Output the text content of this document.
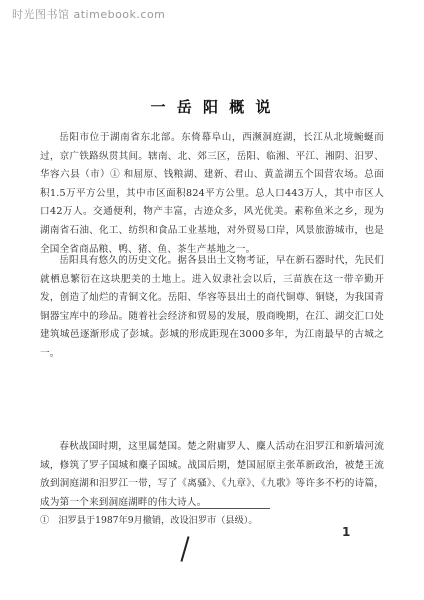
时光图书馆 atimebook.com
一 岳 阳 概 说

岳阳市位于湖南省东北部。东倚幕阜山，西濒洞庭湖，长江从北境蜿蜒而过，京广铁路纵贯其间。辖南、北、郊三区，岳阳、临湘、平江、湘阴、汨罗、华容六县（市）① 和屈原、钱粮湖、建新、君山、黄盖湖五个国营农场。总面积1.5万平方公里，其中市区面积824平方公里。总人口443万人，其中市区人口42万人。交通便利，物产丰富，古迹众多，风光优美。素称鱼米之乡，现为湖南省石油、化工、纺织和食品工业基地，对外贸易口岸，风景旅游城市，也是全国全省商品粮、鸭、猪、鱼、茶生产基地之一。

岳阳具有悠久的历史文化。据各县出土文物考证，早在新石器时代，先民们就栖息繁衍在这块肥美的土地上。进入奴隶社会以后，三苗族在这一带辛勤开发，创造了灿烂的青铜文化。岳阳、华容等县出土的商代铜尊、铜铙，为我国青铜器宝库中的珍品。随着社会经济和贸易的发展，殷商晚期，在江、湖交汇口处建筑城邑逐渐形成了彭城。彭城的形成距现在3000多年，为江南最早的古城之一。

春秋战国时期，这里属楚国。楚之附庸罗人、麋人活动在汨罗江和新墙河流域，修筑了罗子国城和麋子国城。战国后期，楚国屈原主张革新政治，被楚王流放到洞庭湖和汨罗江一带，写了《离骚》、《九章》、《九歌》等许多不朽的诗篇，成为第一个来到洞庭湖畔的伟大诗人。

①　汨罗县于1987年9月撤销，改设汨罗市（县级）。
1
